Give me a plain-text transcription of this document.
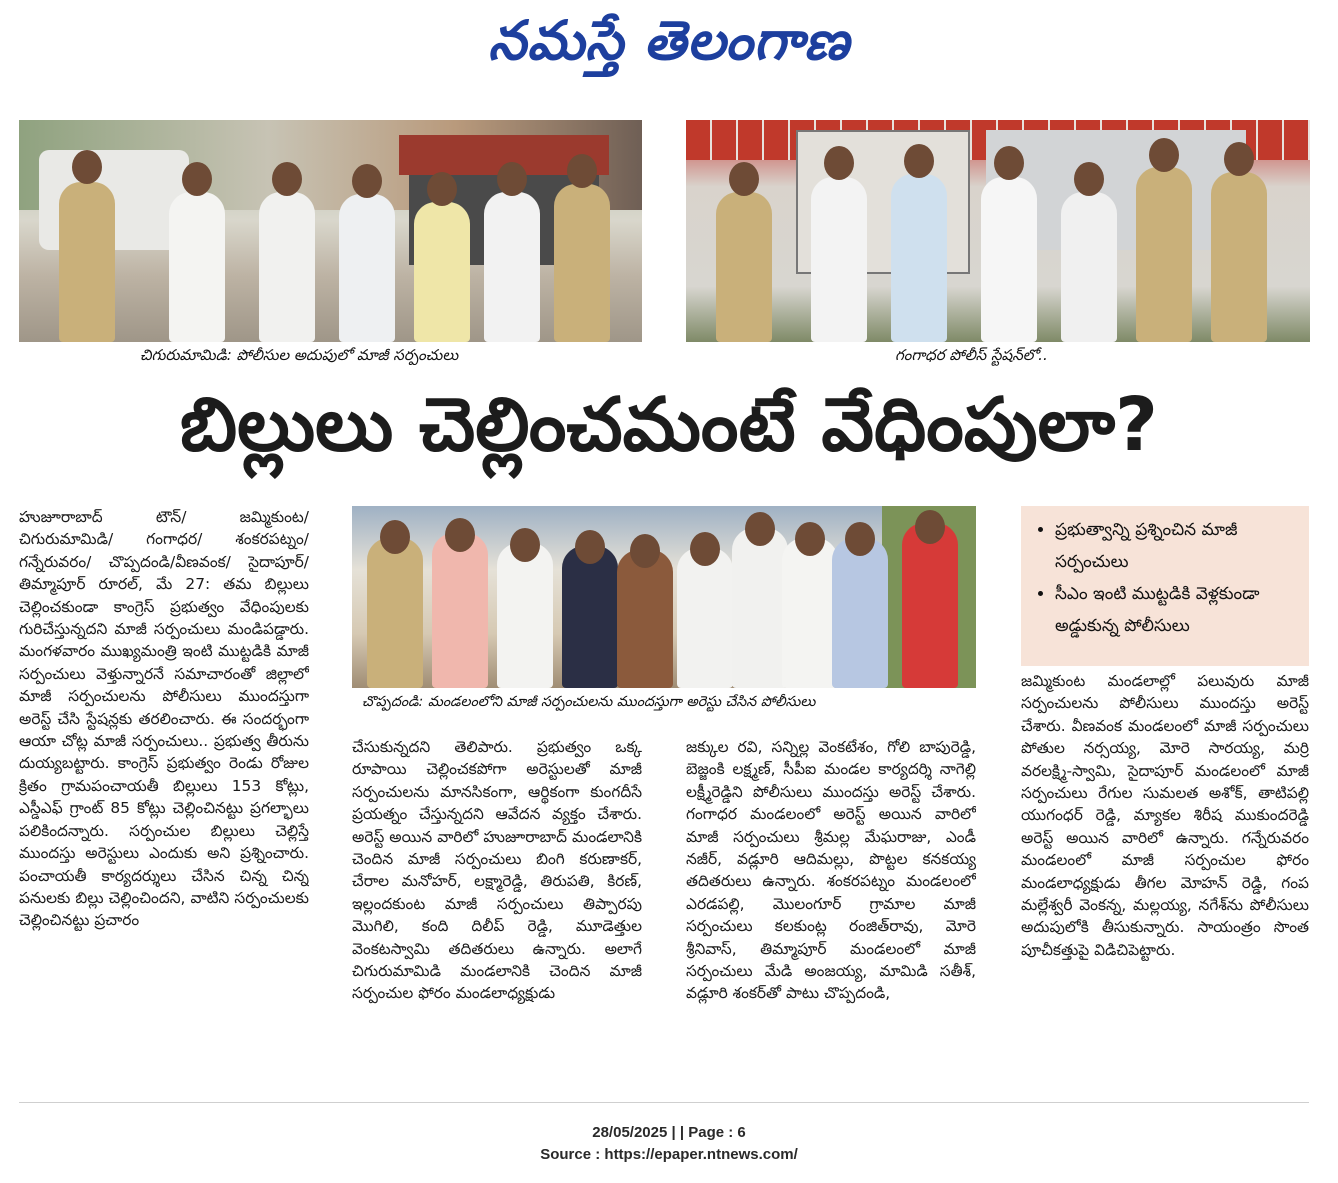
నమస్తే తెలంగాణ
చిగురుమామిడి: పోలీసుల అదుపులో మాజీ సర్పంచులు	గంగాధర పోలీస్ స్టేషన్‌లో..
బిల్లులు చెల్లించమంటే వేధింపులా?
చొప్పదండి: మండలంలోని మాజీ సర్పంచులను ముందస్తుగా అరెస్టు చేసిన పోలీసులు
• ప్రభుత్వాన్ని ప్రశ్నించిన మాజీ సర్పంచులు
• సీఎం ఇంటి ముట్టడికి వెళ్లకుండా అడ్డుకున్న పోలీసులు

హుజూరాబాద్ టౌన్/ జమ్మికుంట/ చిగురుమామిడి/ గంగాధర/ శంకరపట్నం/ గన్నేరువరం/ చొప్పదండి/వీణవంక/ సైదాపూర్/ తిమ్మాపూర్ రూరల్, మే 27: తమ బిల్లులు చెల్లించకుండా కాంగ్రెస్ ప్రభుత్వం వేధింపులకు గురిచేస్తున్నదని మాజీ సర్పంచులు మండిపడ్డారు. మంగళవారం ముఖ్యమంత్రి ఇంటి ముట్టడికి మాజీ సర్పంచులు వెళ్తున్నారనే సమాచారంతో జిల్లాలో మాజీ సర్పంచులను పోలీసులు ముందస్తుగా అరెస్ట్ చేసి స్టేషన్లకు తరలించారు. ఈ సందర్భంగా ఆయా చోట్ల మాజీ సర్పంచులు.. ప్రభుత్వ తీరును దుయ్యబట్టారు. కాంగ్రెస్ ప్రభుత్వం రెండు రోజుల క్రితం గ్రామపంచాయతీ బిల్లులు 153 కోట్లు, ఎస్డీఎఫ్ గ్రాంట్ 85 కోట్లు చెల్లించినట్టు ప్రగల్భాలు పలికిందన్నారు. సర్పంచుల బిల్లులు చెల్లిస్తే ముందస్తు అరెస్టులు ఎందుకు అని ప్రశ్నించారు. పంచాయతీ కార్యదర్శులు చేసిన చిన్న చిన్న పనులకు బిల్లు చెల్లించిందని, వాటిని సర్పంచులకు చెల్లించినట్టు ప్రచారం

చేసుకున్నదని తెలిపారు. ప్రభుత్వం ఒక్క రూపాయి చెల్లించకపోగా అరెస్టులతో మాజీ సర్పంచులను మానసికంగా, ఆర్థికంగా కుంగదీసే ప్రయత్నం చేస్తున్నదని ఆవేదన వ్యక్తం చేశారు. అరెస్ట్ అయిన వారిలో హుజూరాబాద్ మండలానికి చెందిన మాజీ సర్పంచులు బింగి కరుణాకర్, చేరాల మనోహర్, లక్ష్మారెడ్డి, తిరుపతి, కిరణ్, ఇల్లందకుంట మాజీ సర్పంచులు తిప్పారపు మొగిలి, కంది దిలీప్ రెడ్డి, మూడెత్తుల వెంకటస్వామి తదితరులు ఉన్నారు. అలాగే చిగురుమామిడి మండలానికి చెందిన మాజీ సర్పంచుల ఫోరం మండలాధ్యక్షుడు

జక్కుల రవి, సన్నిల్ల వెంకటేశం, గోలి బాపురెడ్డి, బెజ్జంకి లక్ష్మణ్, సీపీఐ మండల కార్యదర్శి నాగెల్లి లక్ష్మీరెడ్డిని పోలీసులు ముందస్తు అరెస్ట్ చేశారు. గంగాధర మండలంలో అరెస్ట్ అయిన వారిలో మాజీ సర్పంచులు శ్రీమల్ల మేఘరాజు, ఎండీ నజీర్, వడ్లూరి ఆదిమల్లు, పొట్టల కనకయ్య తదితరులు ఉన్నారు. శంకరపట్నం మండలంలో ఎరడపల్లి, మొలంగూర్ గ్రామాల మాజీ సర్పంచులు కలకుంట్ల రంజిత్‌రావు, మోరె శ్రీనివాస్, తిమ్మాపూర్ మండలంలో మాజీ సర్పంచులు మేడి అంజయ్య, మామిడి సతీశ్, వడ్లూరి శంకర్‌తో పాటు చొప్పదండి,

జమ్మికుంట మండలాల్లో పలువురు మాజీ సర్పంచులను పోలీసులు ముందస్తు అరెస్ట్ చేశారు. వీణవంక మండలంలో మాజీ సర్పంచులు పోతుల నర్సయ్య, మోరె సారయ్య, మర్రి వరలక్ష్మి-స్వామి, సైదాపూర్ మండలంలో మాజీ సర్పంచులు రేగుల సుమలత అశోక్, తాటిపల్లి యుగంధర్ రెడ్డి, మ్యాకల శిరీష ముకుందరెడ్డి అరెస్ట్ అయిన వారిలో ఉన్నారు. గన్నేరువరం మండలంలో మాజీ సర్పంచుల ఫోరం మండలాధ్యక్షుడు తీగల మోహన్ రెడ్డి, గంప మల్లేశ్వరీ వెంకన్న, మల్లయ్య, నగేశ్‌ను పోలీసులు అదుపులోకి తీసుకున్నారు. సాయంత్రం సొంత పూచీకత్తుపై విడిచిపెట్టారు.

28/05/2025 | | Page : 6
Source : https://epaper.ntnews.com/
